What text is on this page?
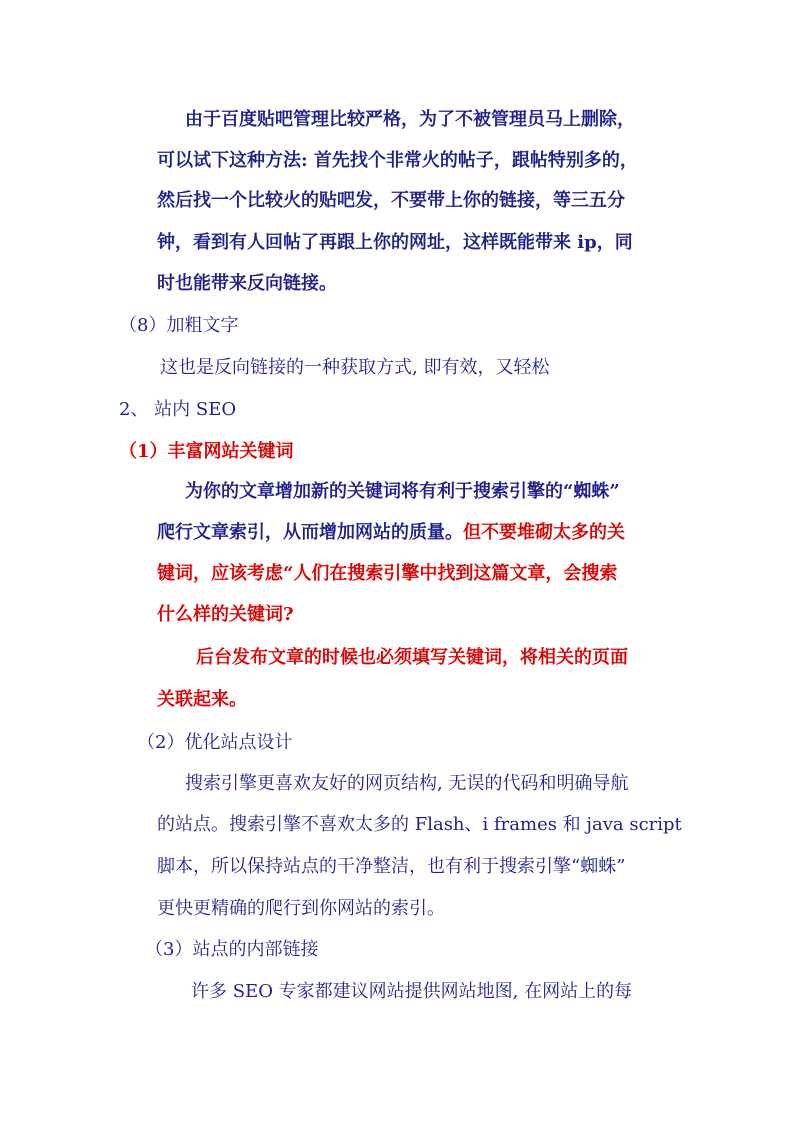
由于百度贴吧管理比较严格，为了不被管理员马上删除，
可以试下这种方法: 首先找个非常火的帖子，跟帖特别多的，
然后找一个比较火的贴吧发，不要带上你的链接，等三五分
钟，看到有人回帖了再跟上你的网址，这样既能带来 ip，同
时也能带来反向链接。
（8）加粗文字
这也是反向链接的一种获取方式, 即有效，又轻松
2、 站内 SEO
（1）丰富网站关键词
为你的文章增加新的关键词将有利于搜索引擎的“蜘蛛”
爬行文章索引，从而增加网站的质量。但不要堆砌太多的关
键词，应该考虑“人们在搜索引擎中找到这篇文章，会搜索
什么样的关键词?
后台发布文章的时候也必须填写关键词，将相关的页面
关联起来。
（2）优化站点设计
搜索引擎更喜欢友好的网页结构, 无误的代码和明确导航
的站点。搜索引擎不喜欢太多的 Flash、i frames 和 java script
脚本，所以保持站点的干净整洁，也有利于搜索引擎“蜘蛛”
更快更精确的爬行到你网站的索引。
（3）站点的内部链接
许多 SEO 专家都建议网站提供网站地图, 在网站上的每
